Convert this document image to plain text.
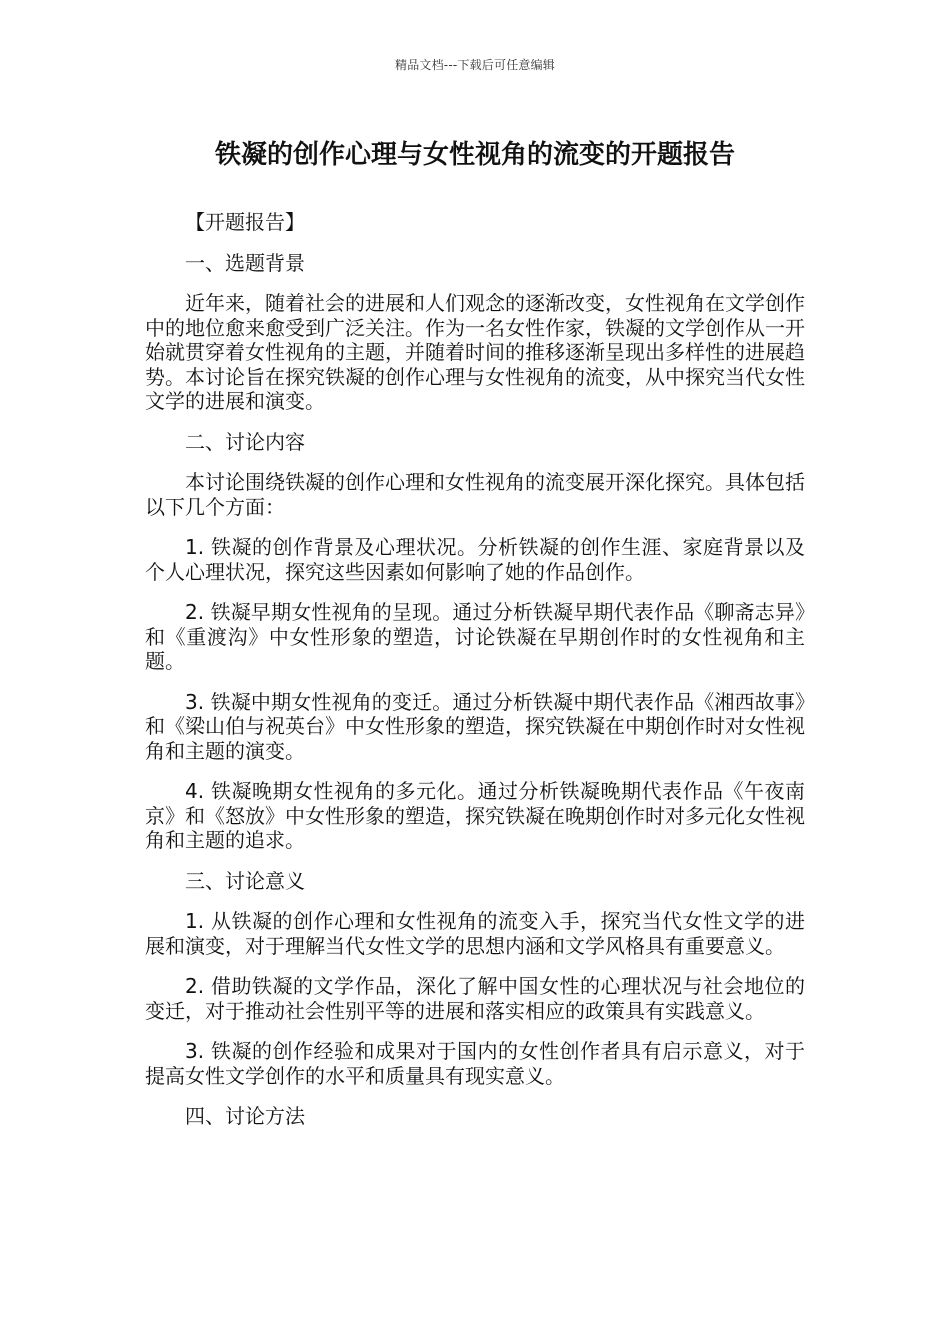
精品文档---下载后可任意编辑
铁凝的创作心理与女性视角的流变的开题报告

【开题报告】

一、选题背景

近年来，随着社会的进展和人们观念的逐渐改变，女性视角在文学创作中的地位愈来愈受到广泛关注。作为一名女性作家，铁凝的文学创作从一开始就贯穿着女性视角的主题，并随着时间的推移逐渐呈现出多样性的进展趋势。本讨论旨在探究铁凝的创作心理与女性视角的流变，从中探究当代女性文学的进展和演变。

二、讨论内容

本讨论围绕铁凝的创作心理和女性视角的流变展开深化探究。具体包括以下几个方面：

1. 铁凝的创作背景及心理状况。分析铁凝的创作生涯、家庭背景以及个人心理状况，探究这些因素如何影响了她的作品创作。

2. 铁凝早期女性视角的呈现。通过分析铁凝早期代表作品《聊斋志异》和《重渡沟》中女性形象的塑造，讨论铁凝在早期创作时的女性视角和主题。

3. 铁凝中期女性视角的变迁。通过分析铁凝中期代表作品《湘西故事》和《梁山伯与祝英台》中女性形象的塑造，探究铁凝在中期创作时对女性视角和主题的演变。

4. 铁凝晚期女性视角的多元化。通过分析铁凝晚期代表作品《午夜南京》和《怒放》中女性形象的塑造，探究铁凝在晚期创作时对多元化女性视角和主题的追求。

三、讨论意义

1. 从铁凝的创作心理和女性视角的流变入手，探究当代女性文学的进展和演变，对于理解当代女性文学的思想内涵和文学风格具有重要意义。

2. 借助铁凝的文学作品，深化了解中国女性的心理状况与社会地位的变迁，对于推动社会性别平等的进展和落实相应的政策具有实践意义。

3. 铁凝的创作经验和成果对于国内的女性创作者具有启示意义，对于提高女性文学创作的水平和质量具有现实意义。

四、讨论方法
